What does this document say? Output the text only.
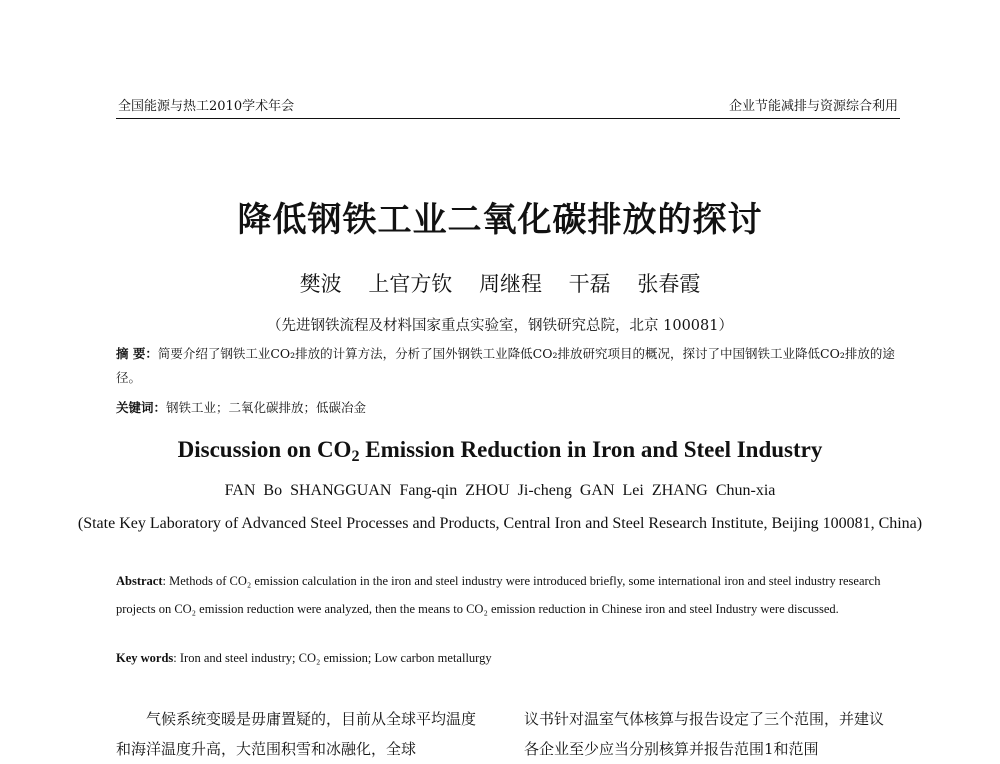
全国能源与热工2010学术年会	企业节能减排与资源综合利用
降低钢铁工业二氧化碳排放的探讨
樊波 上官方钦 周继程 干磊 张春霞
（先进钢铁流程及材料国家重点实验室，钢铁研究总院，北京 100081）
摘 要：简要介绍了钢铁工业CO₂排放的计算方法，分析了国外钢铁工业降低CO₂排放研究项目的概况，探讨了中国钢铁工业降低CO₂排放的途径。
关键词：钢铁工业；二氧化碳排放；低碳冶金
Discussion on $CO_2$ Emission Reduction in Iron and Steel Industry
FAN Bo SHANGGUAN Fang-qin ZHOU Ji-cheng GAN Lei ZHANG Chun-xia
(State Key Laboratory of Advanced Steel Processes and Products, Central Iron and Steel Research Institute, Beijing 100081, China)
Abstract: Methods of CO₂ emission calculation in the iron and steel industry were introduced briefly, some international iron and steel industry research projects on CO₂ emission reduction were analyzed, then the means to CO₂ emission reduction in Chinese iron and steel Industry were discussed.
Key words: Iron and steel industry; CO₂ emission; Low carbon metallurgy
气候系统变暖是毋庸置疑的，目前从全球平均温度和海洋温度升高，大范围积雪和冰融化，全球
议书针对温室气体核算与报告设定了三个范围，并建议各企业至少应当分别核算并报告范围1和范围
